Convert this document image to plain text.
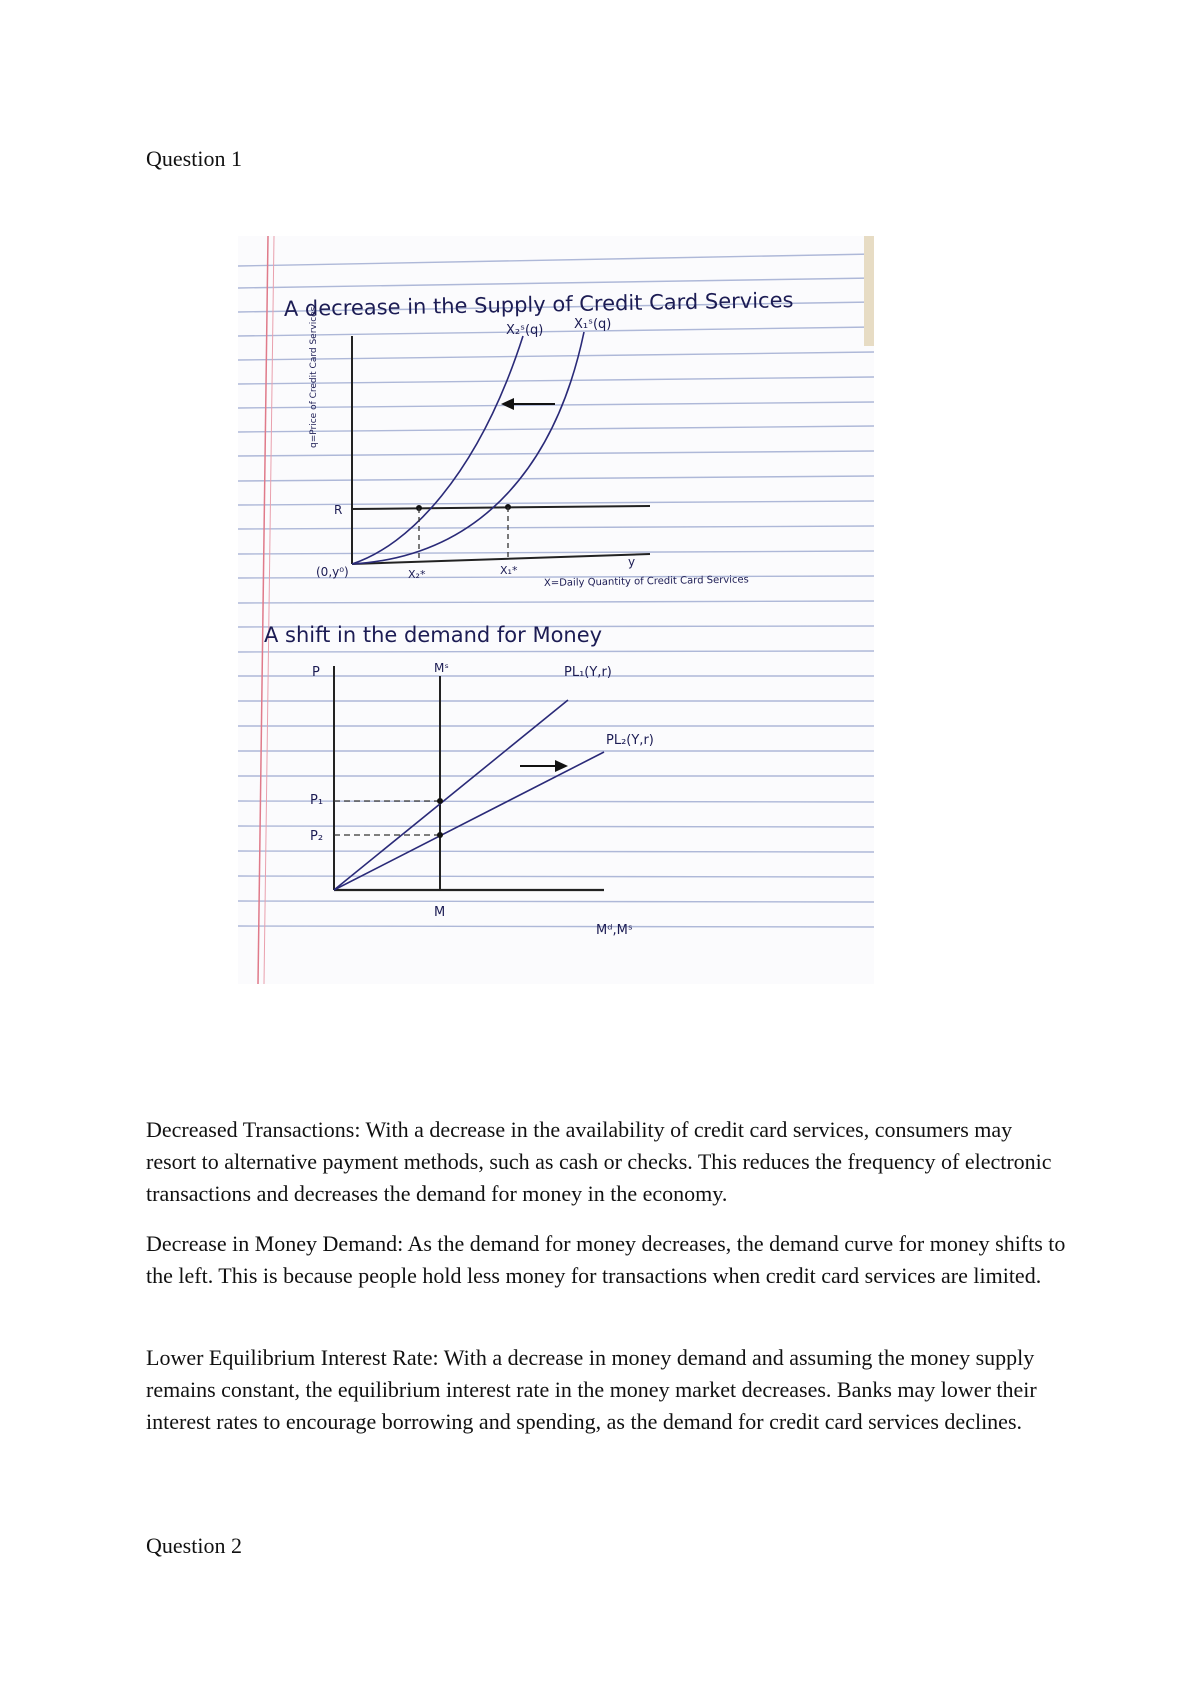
Question 1
A decrease in the Supply of Credit Card Services
q=Price of Credit Card Services	X₂ˢ(q) X₁ˢ(q)
R
(0,y⁰)	X₂*	X₁*
y
X=Daily Quantity of Credit Card Services
A shift in the demand for Money
P	Mˢ	PL₁(Y,r)
PL₂(Y,r)
P₁
P₂
M
Mᵈ,Mˢ

Decreased Transactions: With a decrease in the availability of credit card services, consumers may resort to alternative payment methods, such as cash or checks. This reduces the frequency of electronic transactions and decreases the demand for money in the economy.

Decrease in Money Demand: As the demand for money decreases, the demand curve for money shifts to the left. This is because people hold less money for transactions when credit card services are limited.

Lower Equilibrium Interest Rate: With a decrease in money demand and assuming the money supply remains constant, the equilibrium interest rate in the money market decreases. Banks may lower their interest rates to encourage borrowing and spending, as the demand for credit card services declines.

Question 2
